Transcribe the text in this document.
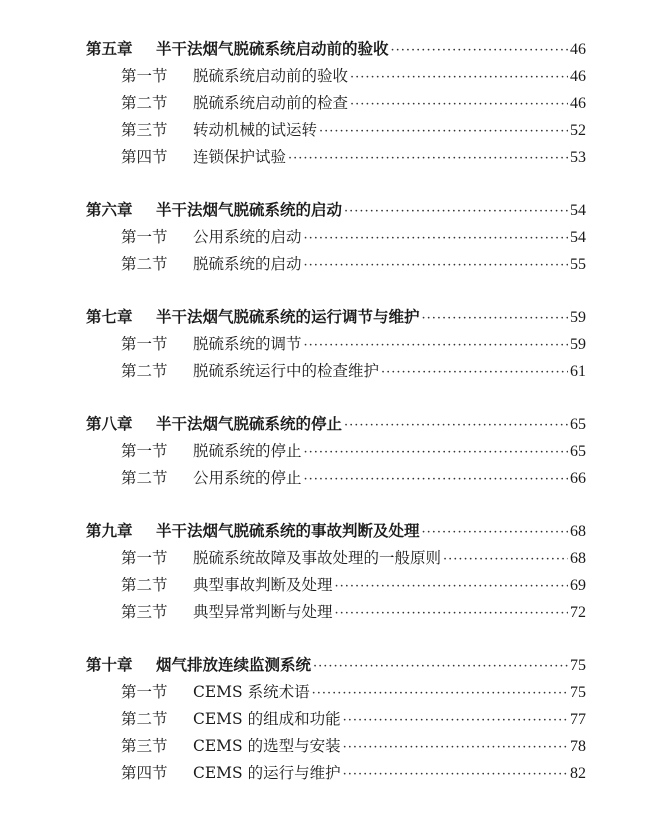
第五章	半干法烟气脱硫系统启动前的验收 ·····	46
第一节	脱硫系统启动前的验收 ·····	46
第二节	脱硫系统启动前的检查 ·····	46
第三节	转动机械的试运转 ·····	52
第四节	连锁保护试验 ·····	53
第六章	半干法烟气脱硫系统的启动 ·····	54
第一节	公用系统的启动 ·····	54
第二节	脱硫系统的启动 ·····	55
第七章	半干法烟气脱硫系统的运行调节与维护 ·····	59
第一节	脱硫系统的调节 ·····	59
第二节	脱硫系统运行中的检查维护 ·····	61
第八章	半干法烟气脱硫系统的停止 ·····	65
第一节	脱硫系统的停止 ·····	65
第二节	公用系统的停止 ·····	66
第九章	半干法烟气脱硫系统的事故判断及处理 ·····	68
第一节	脱硫系统故障及事故处理的一般原则 ·····	68
第二节	典型事故判断及处理 ·····	69
第三节	典型异常判断与处理 ·····	72
第十章	烟气排放连续监测系统 ·····	75
第一节	CEMS 系统术语 ·····	75
第二节	CEMS 的组成和功能 ·····	77
第三节	CEMS 的选型与安装 ·····	78
第四节	CEMS 的运行与维护 ·····	82
